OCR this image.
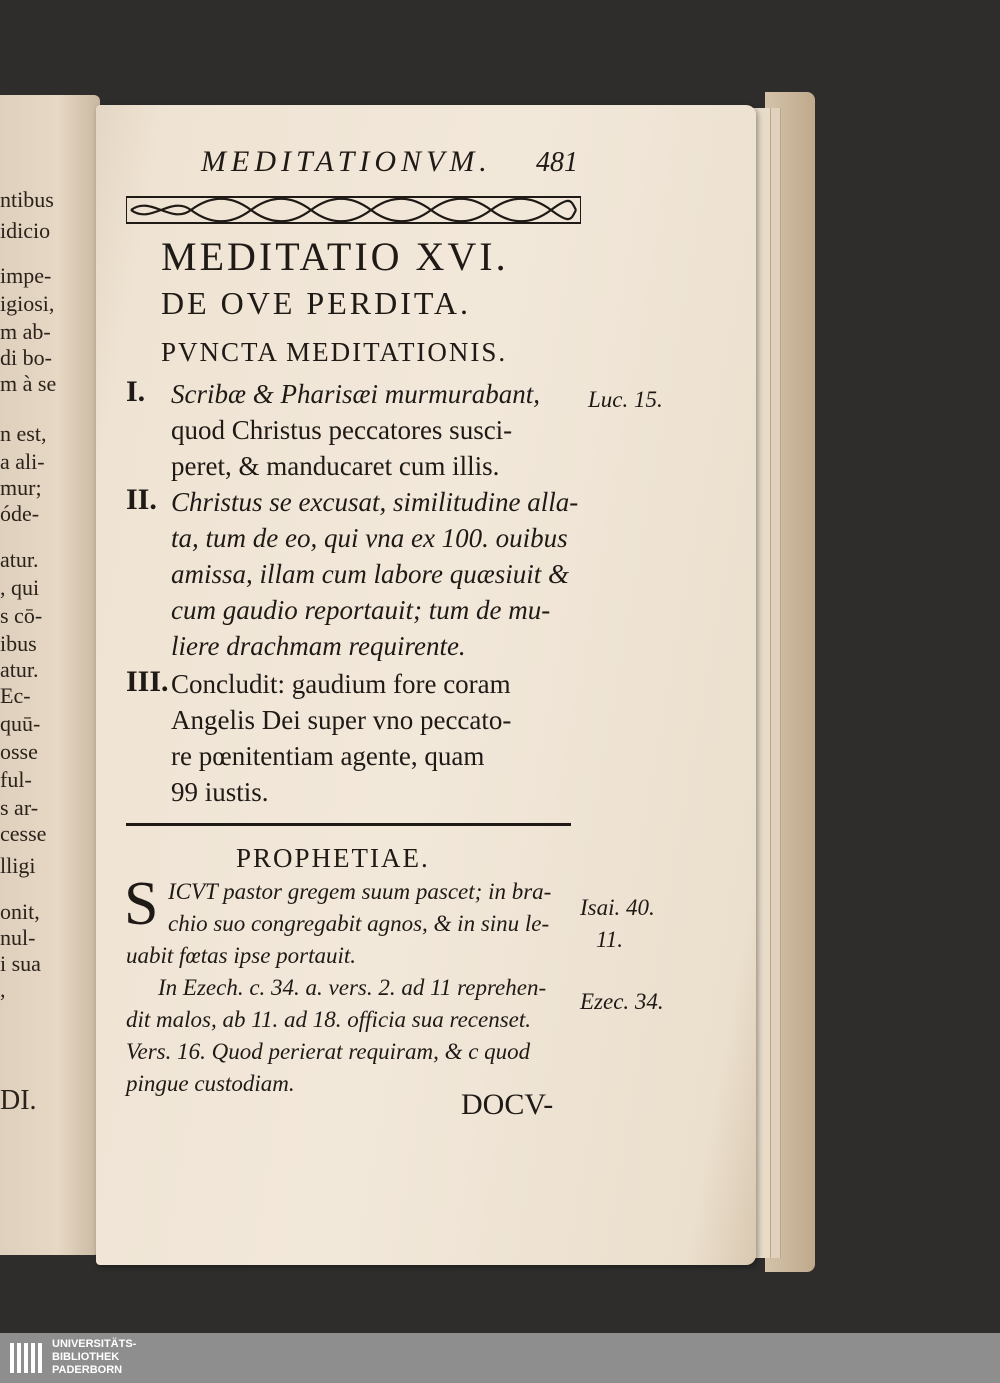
ntibus
idicio
impe-
igiosi,
m ab-
di bo-
m à se
n est,
a ali-
mur;
óde-
atur.
, qui
s cō-
ibus
atur.
Ec-
quū-
osse
ful-
s ar-
cesse
lligi
onit,
nul-
i sua
,
DI.
MEDITATIONVM. 481
MEDITATIO XVI.
DE OVE PERDITA.
PVNCTA MEDITATIONIS.
I. Scribæ & Pharisæi murmurabant,
quod Christus peccatores susci-
peret, & manducaret cum illis.
Luc. 15.
II. Christus se excusat, similitudine alla-
ta, tum de eo, qui vna ex 100. ouibus
amissa, illam cum labore quæsiuit &
cum gaudio reportauit; tum de mu-
liere drachmam requirente.
III. Concludit: gaudium fore coram
Angelis Dei super vno peccato-
re pœnitentiam agente, quam
99 iustis.
PROPHETIAE.
S ICVT pastor gregem suum pascet; in bra-
chio suo congregabit agnos, & in sinu le-
uabit fœtas ipse portauit.
In Ezech. c. 34. a. vers. 2. ad 11 reprehen-
dit malos, ab 11. ad 18. officia sua recenset.
Vers. 16. Quod perierat requiram, & c quod
pingue custodiam.
Isai. 40.
11.
Ezec. 34.
DOCV-
UNIVERSITÄTS-
BIBLIOTHEK
PADERBORN
